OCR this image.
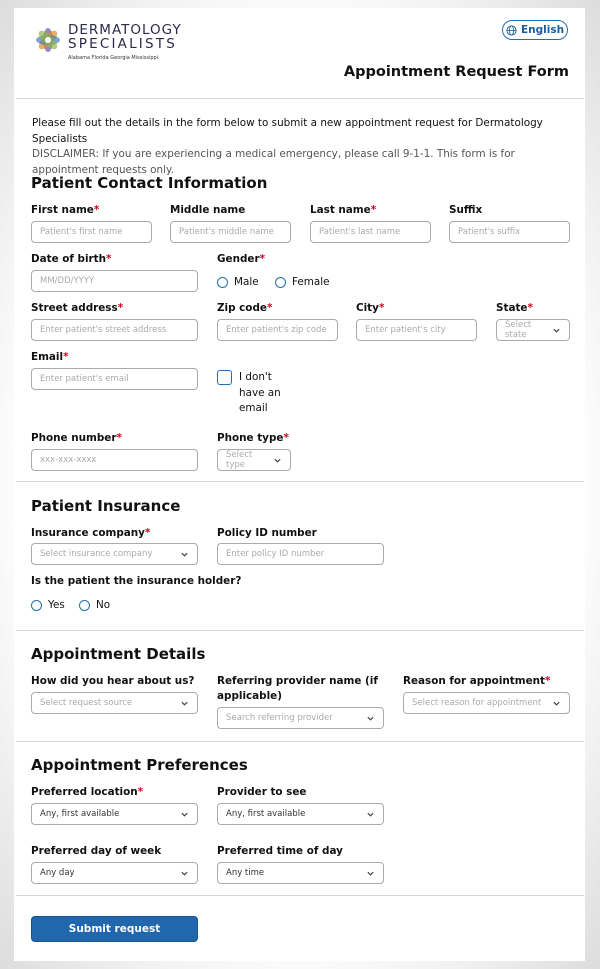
DERMATOLOGY
SPECIALISTS
Alabama Florida Georgia Mississippi
English
Appointment Request Form
Please fill out the details in the form below to submit a new appointment request for Dermatology Specialists
DISCLAIMER: If you are experiencing a medical emergency, please call 9-1-1. This form is for appointment requests only.
Patient Contact Information
First name*
Patient's first name
Middle name
Patient's middle name
Last name*
Patient's last name
Suffix
Patient's suffix
Date of birth*
MM/DD/YYYY
Gender*
Male	Female
Street address*
Enter patient's street address
Zip code*
Enter patient's zip code
City*
Enter patient's city
State*
Select state
Email*
Enter patient's email	I don't
have an
email
Phone number*
xxx-xxx-xxxx
Phone type*
Select type
Patient Insurance
Insurance company*
Select insurance company
Policy ID number
Enter policy ID number
Is the patient the insurance holder?
Yes	No
Appointment Details
How did you hear about us?
Select request source
Referring provider name (if applicable)
Search referring provider
Reason for appointment*
Select reason for appointment
Appointment Preferences
Preferred location*
Any, first available
Provider to see
Any, first available
Preferred day of week
Any day
Preferred time of day
Any time
Submit request
